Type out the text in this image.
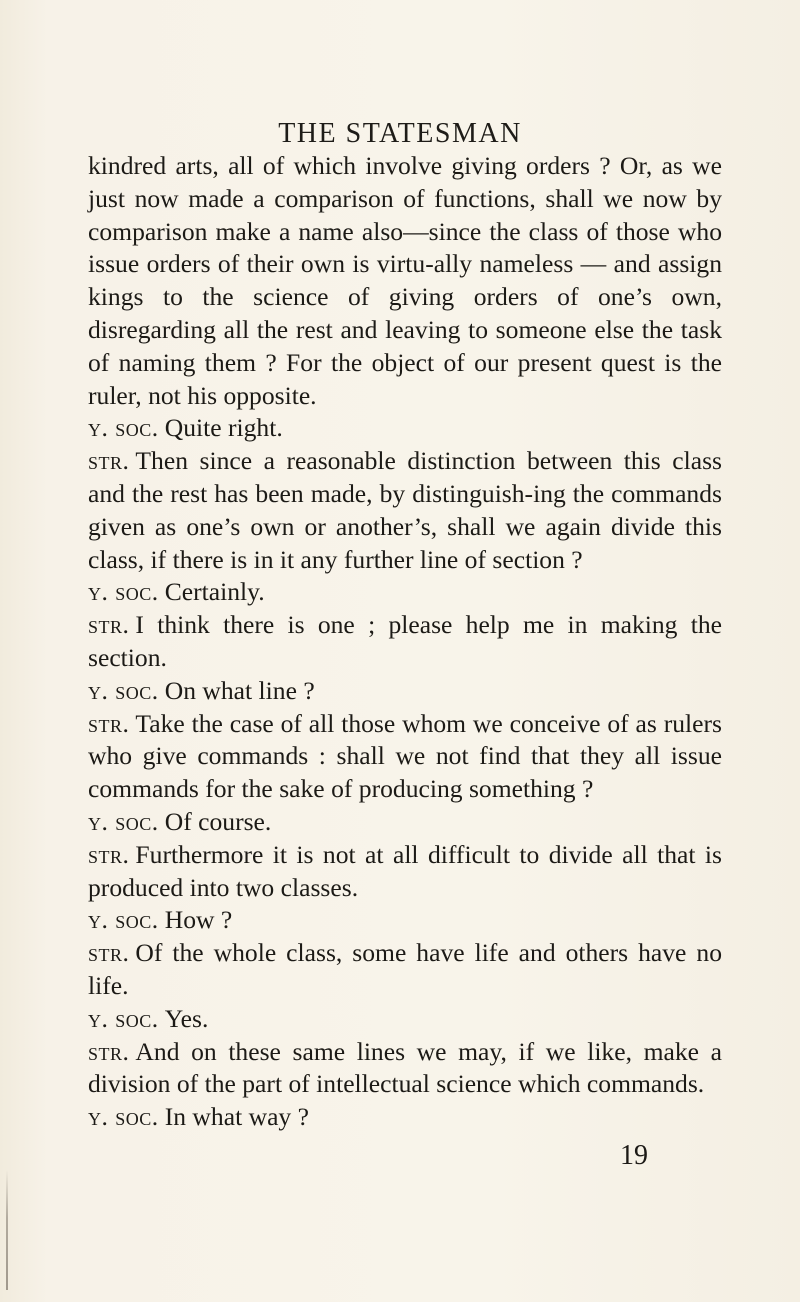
THE STATESMAN

kindred arts, all of which involve giving orders ? Or, as we just now made a comparison of functions, shall we now by comparison make a name also—since the class of those who issue orders of their own is virtu-ally nameless — and assign kings to the science of giving orders of one’s own, disregarding all the rest and leaving to someone else the task of naming them ? For the object of our present quest is the ruler, not his opposite.

y. soc. Quite right.

str. Then since a reasonable distinction between this class and the rest has been made, by distinguish-ing the commands given as one’s own or another’s, shall we again divide this class, if there is in it any further line of section ?

y. soc. Certainly.

str. I think there is one ; please help me in making the section.

y. soc. On what line ?

str. Take the case of all those whom we conceive of as rulers who give commands : shall we not find that they all issue commands for the sake of producing something ?

y. soc. Of course.

str. Furthermore it is not at all difficult to divide all that is produced into two classes.

y. soc. How ?

str. Of the whole class, some have life and others have no life.

y. soc. Yes.

str. And on these same lines we may, if we like, make a division of the part of intellectual science which commands.

y. soc. In what way ?

19
